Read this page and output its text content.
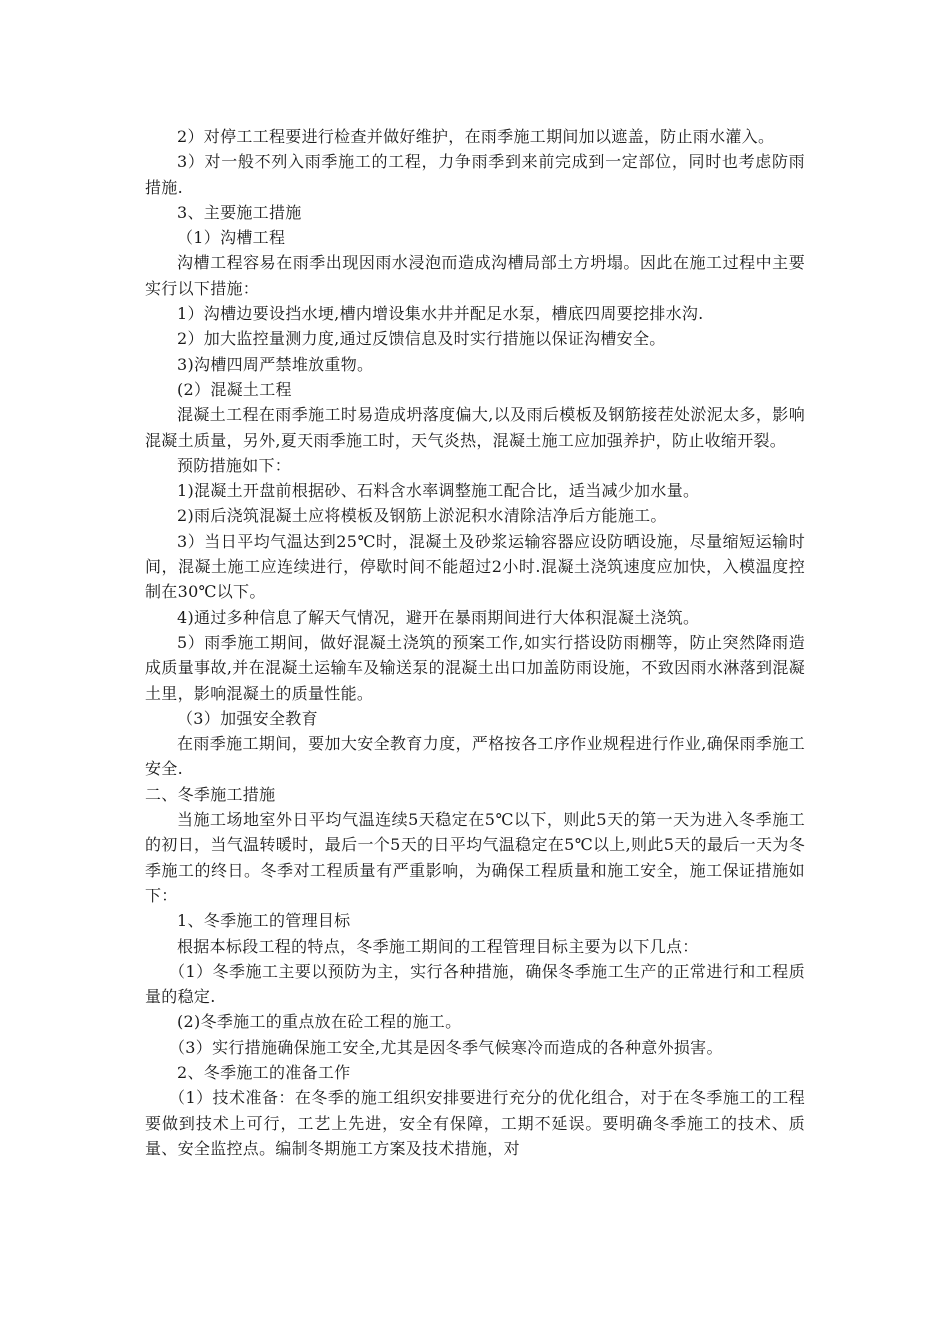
2）对停工工程要进行检查并做好维护，在雨季施工期间加以遮盖，防止雨水灌入。

3）对一般不列入雨季施工的工程，力争雨季到来前完成到一定部位，同时也考虑防雨措施.

3、主要施工措施

（1）沟槽工程

沟槽工程容易在雨季出现因雨水浸泡而造成沟槽局部土方坍塌。因此在施工过程中主要实行以下措施：

1）沟槽边要设挡水埂,槽内增设集水井并配足水泵，槽底四周要挖排水沟.

2）加大监控量测力度,通过反馈信息及时实行措施以保证沟槽安全。

3)沟槽四周严禁堆放重物。

(2）混凝土工程

混凝土工程在雨季施工时易造成坍落度偏大,以及雨后模板及钢筋接茬处淤泥太多，影响混凝土质量，另外,夏天雨季施工时，天气炎热，混凝土施工应加强养护，防止收缩开裂。

预防措施如下：

1)混凝土开盘前根据砂、石料含水率调整施工配合比，适当减少加水量。

2)雨后浇筑混凝土应将模板及钢筋上淤泥积水清除洁净后方能施工。

3）当日平均气温达到25℃时，混凝土及砂浆运输容器应设防晒设施，尽量缩短运输时间，混凝土施工应连续进行，停歇时间不能超过2小时.混凝土浇筑速度应加快，入模温度控制在30℃以下。

4)通过多种信息了解天气情况，避开在暴雨期间进行大体积混凝土浇筑。

5）雨季施工期间，做好混凝土浇筑的预案工作,如实行搭设防雨棚等，防止突然降雨造成质量事故,并在混凝土运输车及输送泵的混凝土出口加盖防雨设施，不致因雨水淋落到混凝土里，影响混凝土的质量性能。

（3）加强安全教育

在雨季施工期间，要加大安全教育力度，严格按各工序作业规程进行作业,确保雨季施工安全.

二、冬季施工措施

当施工场地室外日平均气温连续5天稳定在5℃以下，则此5天的第一天为进入冬季施工的初日，当气温转暖时，最后一个5天的日平均气温稳定在5℃以上,则此5天的最后一天为冬季施工的终日。冬季对工程质量有严重影响，为确保工程质量和施工安全，施工保证措施如下：

1、冬季施工的管理目标

根据本标段工程的特点，冬季施工期间的工程管理目标主要为以下几点：

（1）冬季施工主要以预防为主，实行各种措施，确保冬季施工生产的正常进行和工程质量的稳定.

(2)冬季施工的重点放在砼工程的施工。

（3）实行措施确保施工安全,尤其是因冬季气候寒冷而造成的各种意外损害。

2、冬季施工的准备工作

（1）技术准备：在冬季的施工组织安排要进行充分的优化组合，对于在冬季施工的工程要做到技术上可行，工艺上先进，安全有保障，工期不延误。要明确冬季施工的技术、质量、安全监控点。编制冬期施工方案及技术措施，对
